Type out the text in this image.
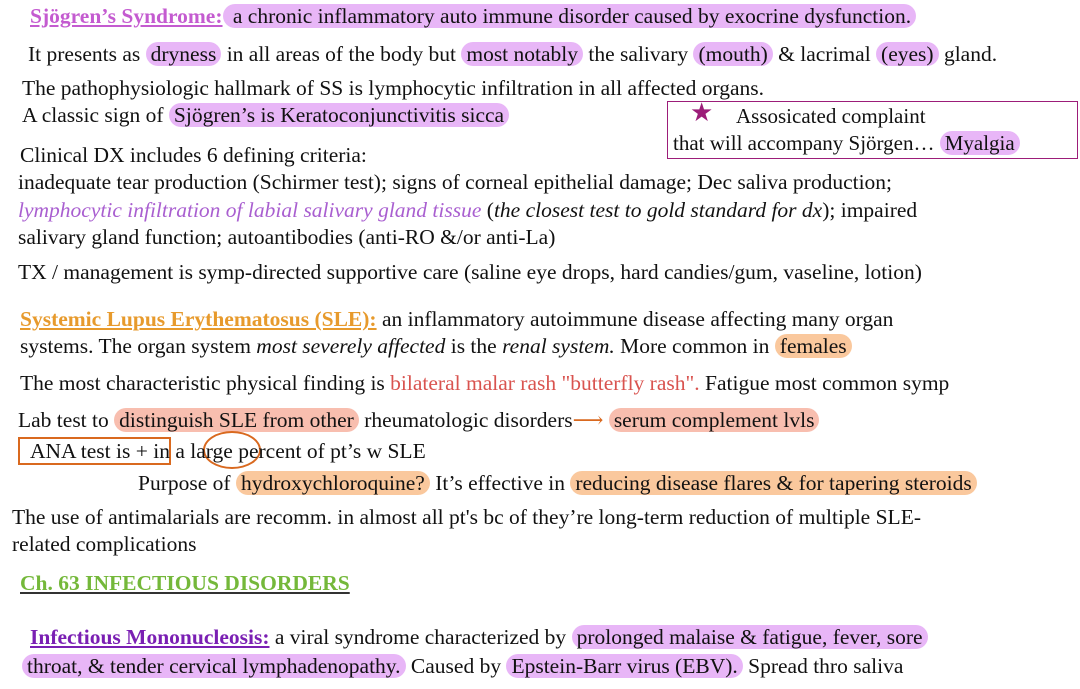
Sjögren’s Syndrome: a chronic inflammatory auto immune disorder caused by exocrine dysfunction.
It presents as dryness in all areas of the body but most notably the salivary (mouth) & lacrimal (eyes) gland.
The pathophysiologic hallmark of SS is lymphocytic infiltration in all affected organs.
A classic sign of Sjögren’s is Keratoconjunctivitis sicca	★ Assosicated complaint
that will accompany Sjörgen… Myalgia
Clinical DX includes 6 defining criteria:
inadequate tear production (Schirmer test); signs of corneal epithelial damage; Dec saliva production;
lymphocytic infiltration of labial salivary gland tissue (the closest test to gold standard for dx); impaired
salivary gland function; autoantibodies (anti-RO &/or anti-La)
TX / management is symp-directed supportive care (saline eye drops, hard candies/gum, vaseline, lotion)
Systemic Lupus Erythematosus (SLE): an inflammatory autoimmune disease affecting many organ
systems. The organ system most severely affected is the renal system. More common in females
The most characteristic physical finding is bilateral malar rash "butterfly rash". Fatigue most common symp
Lab test to distinguish SLE from other rheumatologic disorders⟶ serum complement lvls
ANA test is + in a large percent of pt’s w SLE
Purpose of hydroxychloroquine? It’s effective in reducing disease flares & for tapering steroids
The use of antimalarials are recomm. in almost all pt's bc of they’re long-term reduction of multiple SLE-
related complications
Ch. 63 INFECTIOUS DISORDERS
Infectious Mononucleosis: a viral syndrome characterized by prolonged malaise & fatigue, fever, sore
throat, & tender cervical lymphadenopathy. Caused by Epstein-Barr virus (EBV). Spread thro saliva
